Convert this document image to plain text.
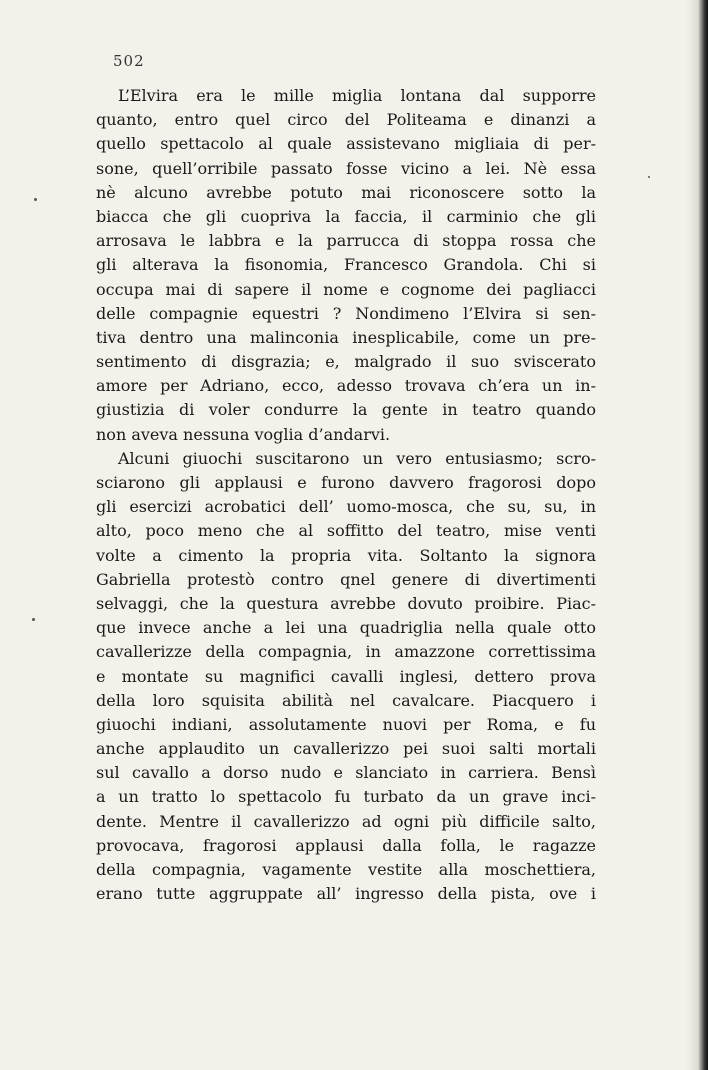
502
L’Elvira era le mille miglia lontana dal supporre
quanto, entro quel circo del Politeama e dinanzi a
quello spettacolo al quale assistevano migliaia di per-
sone, quell’orribile passato fosse vicino a lei. Nè essa
nè alcuno avrebbe potuto mai riconoscere sotto la
biacca che gli cuopriva la faccia, il carminio che gli
arrosava le labbra e la parrucca di stoppa rossa che
gli alterava la fisonomia, Francesco Grandola. Chi si
occupa mai di sapere il nome e cognome dei pagliacci
delle compagnie equestri ? Nondimeno l’Elvira si sen-
tiva dentro una malinconia inesplicabile, come un pre-
sentimento di disgrazia; e, malgrado il suo sviscerato
amore per Adriano, ecco, adesso trovava ch’era un in-
giustizia di voler condurre la gente in teatro quando
non aveva nessuna voglia d’andarvi.
Alcuni giuochi suscitarono un vero entusiasmo; scro-
sciarono gli applausi e furono davvero fragorosi dopo
gli esercizi acrobatici dell’ uomo-mosca, che su, su, in
alto, poco meno che al soffitto del teatro, mise venti
volte a cimento la propria vita. Soltanto la signora
Gabriella protestò contro qnel genere di divertimenti
selvaggi, che la questura avrebbe dovuto proibire. Piac-
que invece anche a lei una quadriglia nella quale otto
cavallerizze della compagnia, in amazzone correttissima
e montate su magnifici cavalli inglesi, dettero prova
della loro squisita abilità nel cavalcare. Piacquero i
giuochi indiani, assolutamente nuovi per Roma, e fu
anche applaudito un cavallerizzo pei suoi salti mortali
sul cavallo a dorso nudo e slanciato in carriera. Bensì
a un tratto lo spettacolo fu turbato da un grave inci-
dente. Mentre il cavallerizzo ad ogni più difficile salto,
provocava, fragorosi applausi dalla folla, le ragazze
della compagnia, vagamente vestite alla moschettiera,
erano tutte aggruppate all’ ingresso della pista, ove i
